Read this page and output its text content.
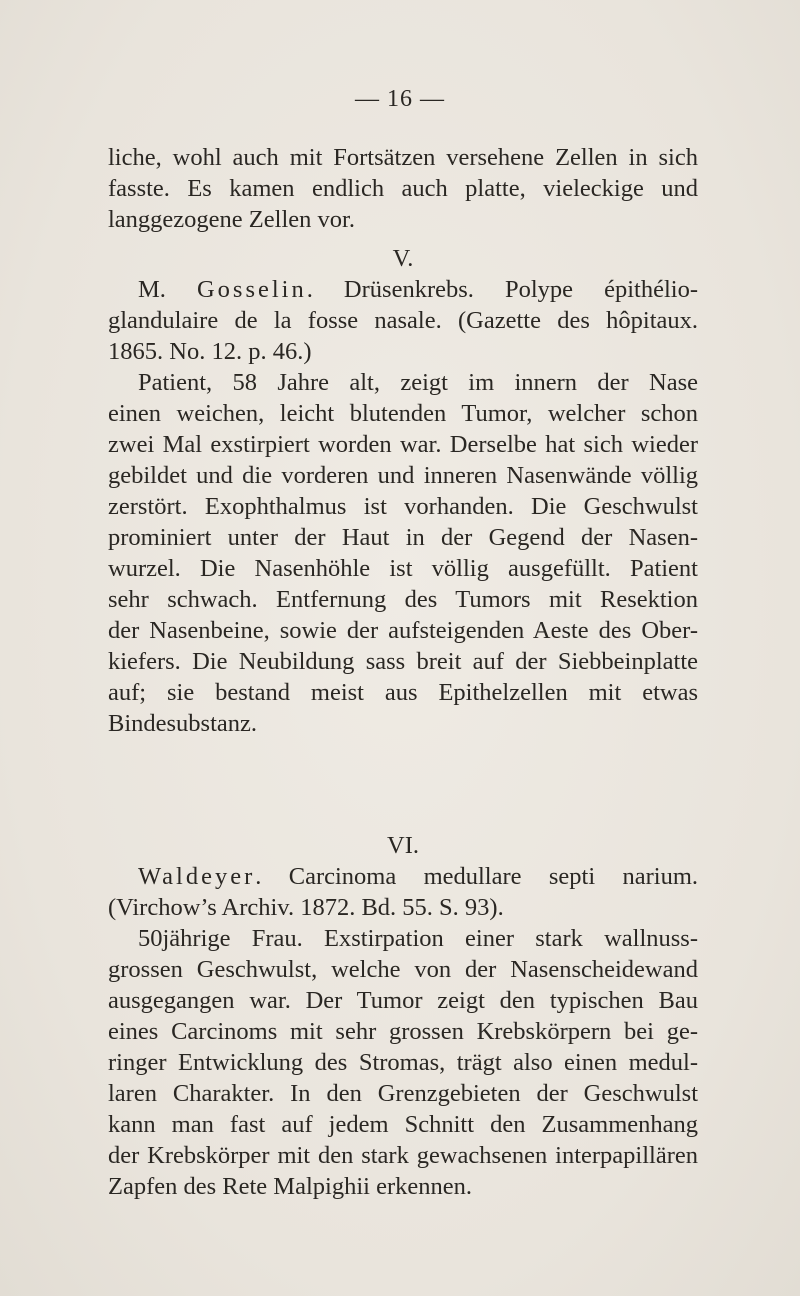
— 16 —
liche, wohl auch mit Fortsätzen versehene Zellen in sich
fasste. Es kamen endlich auch platte, vieleckige und
langgezogene Zellen vor.
V.
M. Gosselin. Drüsenkrebs. Polype épithélio-
glandulaire de la fosse nasale. (Gazette des hôpitaux.
1865. No. 12. p. 46.)
Patient, 58 Jahre alt, zeigt im innern der Nase
einen weichen, leicht blutenden Tumor, welcher schon
zwei Mal exstirpiert worden war. Derselbe hat sich wieder
gebildet und die vorderen und inneren Nasenwände völlig
zerstört. Exophthalmus ist vorhanden. Die Geschwulst
prominiert unter der Haut in der Gegend der Nasen-
wurzel. Die Nasenhöhle ist völlig ausgefüllt. Patient
sehr schwach. Entfernung des Tumors mit Resektion
der Nasenbeine, sowie der aufsteigenden Aeste des Ober-
kiefers. Die Neubildung sass breit auf der Siebbeinplatte
auf; sie bestand meist aus Epithelzellen mit etwas
Bindesubstanz.
VI.
Waldeyer. Carcinoma medullare septi narium.
(Virchow’s Archiv. 1872. Bd. 55. S. 93).
50jährige Frau. Exstirpation einer stark wallnuss-
grossen Geschwulst, welche von der Nasenscheidewand
ausgegangen war. Der Tumor zeigt den typischen Bau
eines Carcinoms mit sehr grossen Krebskörpern bei ge-
ringer Entwicklung des Stromas, trägt also einen medul-
laren Charakter. In den Grenzgebieten der Geschwulst
kann man fast auf jedem Schnitt den Zusammenhang
der Krebskörper mit den stark gewachsenen interpapillären
Zapfen des Rete Malpighii erkennen.
